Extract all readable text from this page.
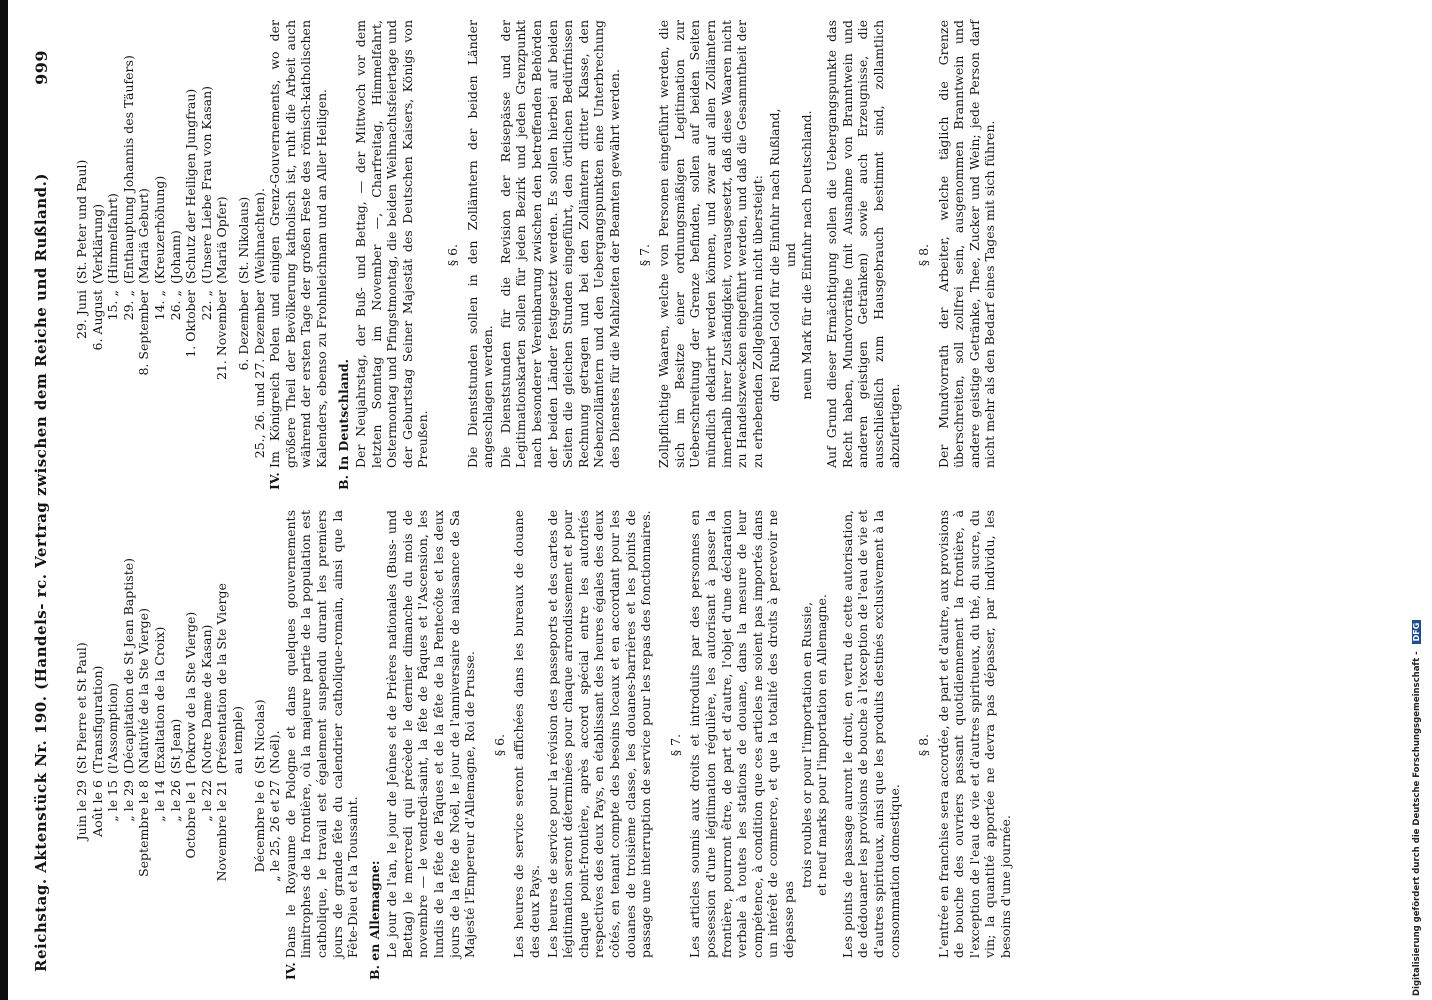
Reichstag. Aktenstück Nr. 190. (Handels- rc. Vertrag zwischen dem Reiche und Rußland.)
999
Juin le 29
(St Pierre et St Paul)
Août le 6
(Transfiguration)
„ le 15
(l'Assomption)
„ le 29
(Décapitation de St Jean Baptiste)
Septembre le 8
(Nativité de la Ste Vierge)
„ le 14
(Exaltation de la Croix)
„ le 26
(St Jean)
Octobre le 1
(Pokrow de la Ste Vierge)
„ le 22
(Notre Dame de Kasan)
Novembre le 21
(Présentation de la Ste Vierge au temple)
Décembre le 6
(St Nicolas)
„ le 25, 26 et 27
(Noël).

IV.Dans le Royaume de Pologne et dans quelques gouvernements limitrophes de la frontière, où la majeure partie de la population est catholique, le travail est également suspendu durant les premiers jours de grande fête du calendrier catholique-romain, ainsi que la Fête-Dieu et la Toussaint. B. en Allemagne: Le jour de l'an, le jour de Jeûnes et de Prières nationales (Buss- und Bettag) le mercredi qui précède le dernier dimanche du mois de novembre — le vendredi-saint, la fête de Pâques et l'Ascension, les lundis de la fête de Pâques et de la fête de la Pentecôte et les deux jours de la fête de Noël, le jour de l'anniversaire de naissance de Sa Majesté l'Empereur d'Allemagne, Roi de Prusse. § 6. Les heures de service seront affichées dans les bureaux de douane des deux Pays. Les heures de service pour la révision des passeports et des cartes de légitimation seront déterminées pour chaque arrondissement et pour chaque point-frontière, après accord spécial entre les autorités respectives des deux Pays, en établissant des heures égales des deux côtés, en tenant compte des besoins locaux et en accordant pour les douanes de troisième classe, les douanes-barrières et les points de passage une interruption de service pour les repas des fonctionnaires. § 7. Les articles soumis aux droits et introduits par des personnes en possession d'une légitimation régulière, les autorisant à passer la frontière, pourront être, de part et d'autre, l'objet d'une déclaration verbale à toutes les stations de douane, dans la mesure de leur compétence, à condition que ces articles ne soient pas importés dans un intérêt de commerce, et que la totalité des droits à percevoir ne dépasse pas

trois roubles or pour l'importation en Russie, et neuf marks pour l'importation en Allemagne. Les points de passage auront le droit, en vertu de cette autorisation, de dédouaner les provisions de bouche à l'exception de l'eau de vie et d'autres spiritueux, ainsi que les produits destinés exclusivement à la consommation domestique.

§ 8. L'entrée en franchise sera accordée, de part et d'autre, aux provisions de bouche des ouvriers passant quotidiennement la frontière, à l'exception de l'eau de vie et d'autres spiritueux, du thé, du sucre, du vin; la quantité apportée ne devra pas dépasser, par individu, les besoins d'une journée.

29. Juni
(St. Peter und Paul)
6. August
(Verklärung)
15. „
(Himmelfahrt)
29. „
(Enthauptung Johannis des Täufers)
8. September
(Mariä Geburt)
14. „
(Kreuzerhöhung)
26. „
(Johann)
1. Oktober
(Schutz der Heiligen Jungfrau)
22. „
(Unsere Liebe Frau von Kasan)
21. November
(Mariä Opfer)
6. Dezember
(St. Nikolaus)
25., 26. und 27. Dezember
(Weihnachten).

IV.Im Königreich Polen und einigen Grenz-Gouvernements, wo der größere Theil der Bevölkerung katholisch ist, ruht die Arbeit auch während der ersten Tage der großen Feste des römisch-katholischen Kalenders, ebenso zu Frohnleichnam und an Aller Heiligen. B. In Deutschland. Der Neujahrstag, der Buß- und Bettag, — der Mittwoch vor dem letzten Sonntag im November —, Charfreitag, Himmelfahrt, Ostermontag und Pfingstmontag, die beiden Weihnachtsfeiertage und der Geburtstag Seiner Majestät des Deutschen Kaisers, Königs von Preußen.

§ 6. Die Dienststunden sollen in den Zollämtern der beiden Länder angeschlagen werden. Die Dienststunden für die Revision der Reisepässe und der Legitimationskarten sollen für jeden Bezirk und jeden Grenzpunkt nach besonderer Vereinbarung zwischen den betreffenden Behörden der beiden Länder festgesetzt werden. Es sollen hierbei auf beiden Seiten die gleichen Stunden eingeführt, den örtlichen Bedürfnissen Rechnung getragen und bei den Zollämtern dritter Klasse, den Nebenzollämtern und den Uebergangspunkten eine Unterbrechung des Dienstes für die Mahlzeiten der Beamten gewährt werden. § 7. Zollpflichtige Waaren, welche von Personen eingeführt werden, die sich im Besitze einer ordnungsmäßigen Legitimation zur Ueberschreitung der Grenze befinden, sollen auf beiden Seiten mündlich deklarirt werden können, und zwar auf allen Zollämtern innerhalb ihrer Zuständigkeit, vorausgesetzt, daß diese Waaren nicht zu Handelszwecken eingeführt werden, und daß die Gesammtheit der zu erhebenden Zollgebühren nicht übersteigt: drei Rubel Gold für die Einfuhr nach Rußland, und neun Mark für die Einfuhr nach Deutschland. Auf Grund dieser Ermächtigung sollen die Uebergangspunkte das Recht haben, Mundvorräthe (mit Ausnahme von Branntwein und anderen geistigen Getränken) sowie auch Erzeugnisse, die ausschließlich zum Hausgebrauch bestimmt sind, zollamtlich abzufertigen.

§ 8. Der Mundvorrath der Arbeiter, welche täglich die Grenze überschreiten, soll zollfrei sein, ausgenommen Branntwein und andere geistige Getränke, Thee, Zucker und Wein; jede Person darf nicht mehr als den Bedarf eines Tages mit sich führen.

Digitalisierung gefördert durch die Deutsche Forschungsgemeinschaft - DFG
